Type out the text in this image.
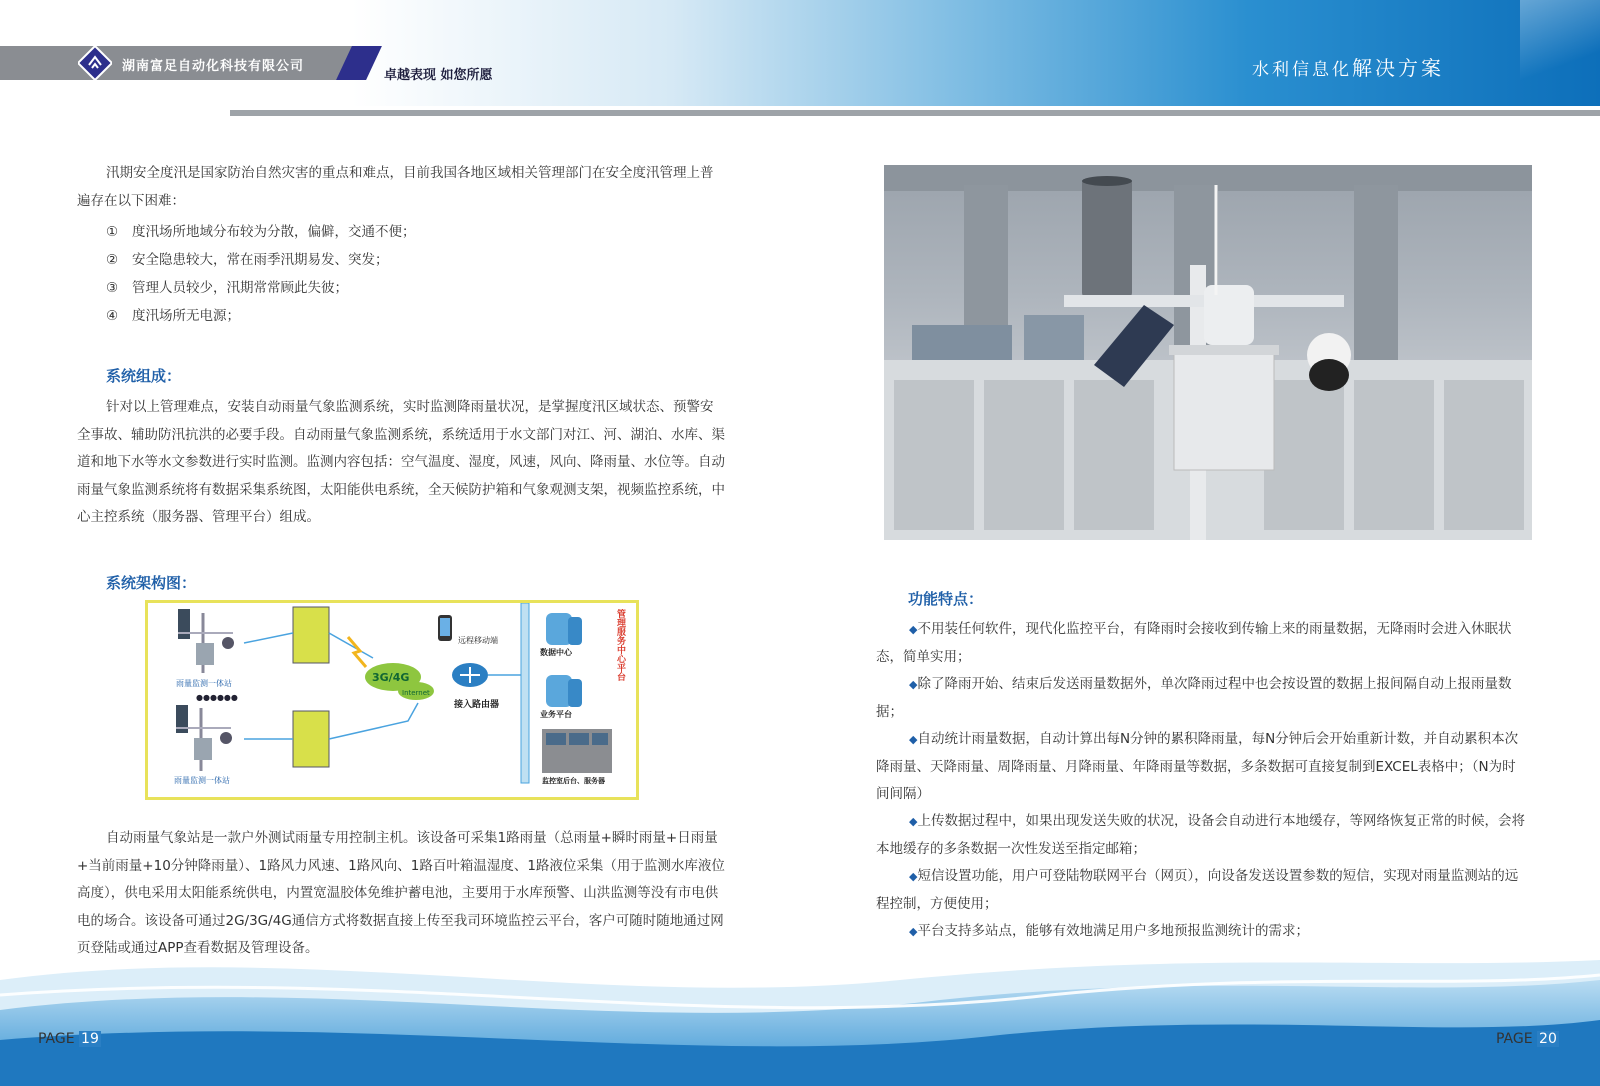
湖南富足自动化科技有限公司
卓越表现 如您所愿	水利信息化解决方案

汛期安全度汛是国家防治自然灾害的重点和难点，目前我国各地区域相关管理部门在安全度汛管理上普遍存在以下困难：

① 度汛场所地域分布较为分散，偏僻，交通不便；
② 安全隐患较大，常在雨季汛期易发、突发；
③ 管理人员较少，汛期常常顾此失彼；
④ 度汛场所无电源；
系统组成：

针对以上管理难点，安装自动雨量气象监测系统，实时监测降雨量状况，是掌握度汛区域状态、预警安全事故、辅助防汛抗洪的必要手段。自动雨量气象监测系统，系统适用于水文部门对江、河、湖泊、水库、渠道和地下水等水文参数进行实时监测。监测内容包括：空气温度、湿度，风速，风向、降雨量、水位等。自动雨量气象监测系统将有数据采集系统图，太阳能供电系统，全天候防护箱和气象观测支架，视频监控系统，中心主控系统（服务器、管理平台）组成。

系统架构图：
雨量监测一体站
●●●●●●
雨量监测一体站
3G/4G
Internet
远程移动端
接入路由器
数据中心
业务平台
监控室后台、服务器
管理服务中心平台

自动雨量气象站是一款户外测试雨量专用控制主机。该设备可采集1路雨量（总雨量+瞬时雨量+日雨量+当前雨量+10分钟降雨量）、1路风力风速、1路风向、1路百叶箱温湿度、1路液位采集（用于监测水库液位高度），供电采用太阳能系统供电，内置宽温胶体免维护蓄电池，主要用于水库预警、山洪监测等没有市电供电的场合。该设备可通过2G/3G/4G通信方式将数据直接上传至我司环境监控云平台，客户可随时随地通过网页登陆或通过APP查看数据及管理设备。

功能特点：

◆不用装任何软件，现代化监控平台，有降雨时会接收到传输上来的雨量数据，无降雨时会进入休眠状态，简单实用；

◆除了降雨开始、结束后发送雨量数据外，单次降雨过程中也会按设置的数据上报间隔自动上报雨量数据；

◆自动统计雨量数据，自动计算出每N分钟的累积降雨量，每N分钟后会开始重新计数，并自动累积本次降雨量、天降雨量、周降雨量、月降雨量、年降雨量等数据，多条数据可直接复制到EXCEL表格中；（N为时间间隔）

◆上传数据过程中，如果出现发送失败的状况，设备会自动进行本地缓存，等网络恢复正常的时候，会将本地缓存的多条数据一次性发送至指定邮箱；

◆短信设置功能，用户可登陆物联网平台（网页），向设备发送设置参数的短信，实现对雨量监测站的远程控制，方便使用；

◆平台支持多站点，能够有效地满足用户多地预报监测统计的需求；

PAGE 19	PAGE 20
